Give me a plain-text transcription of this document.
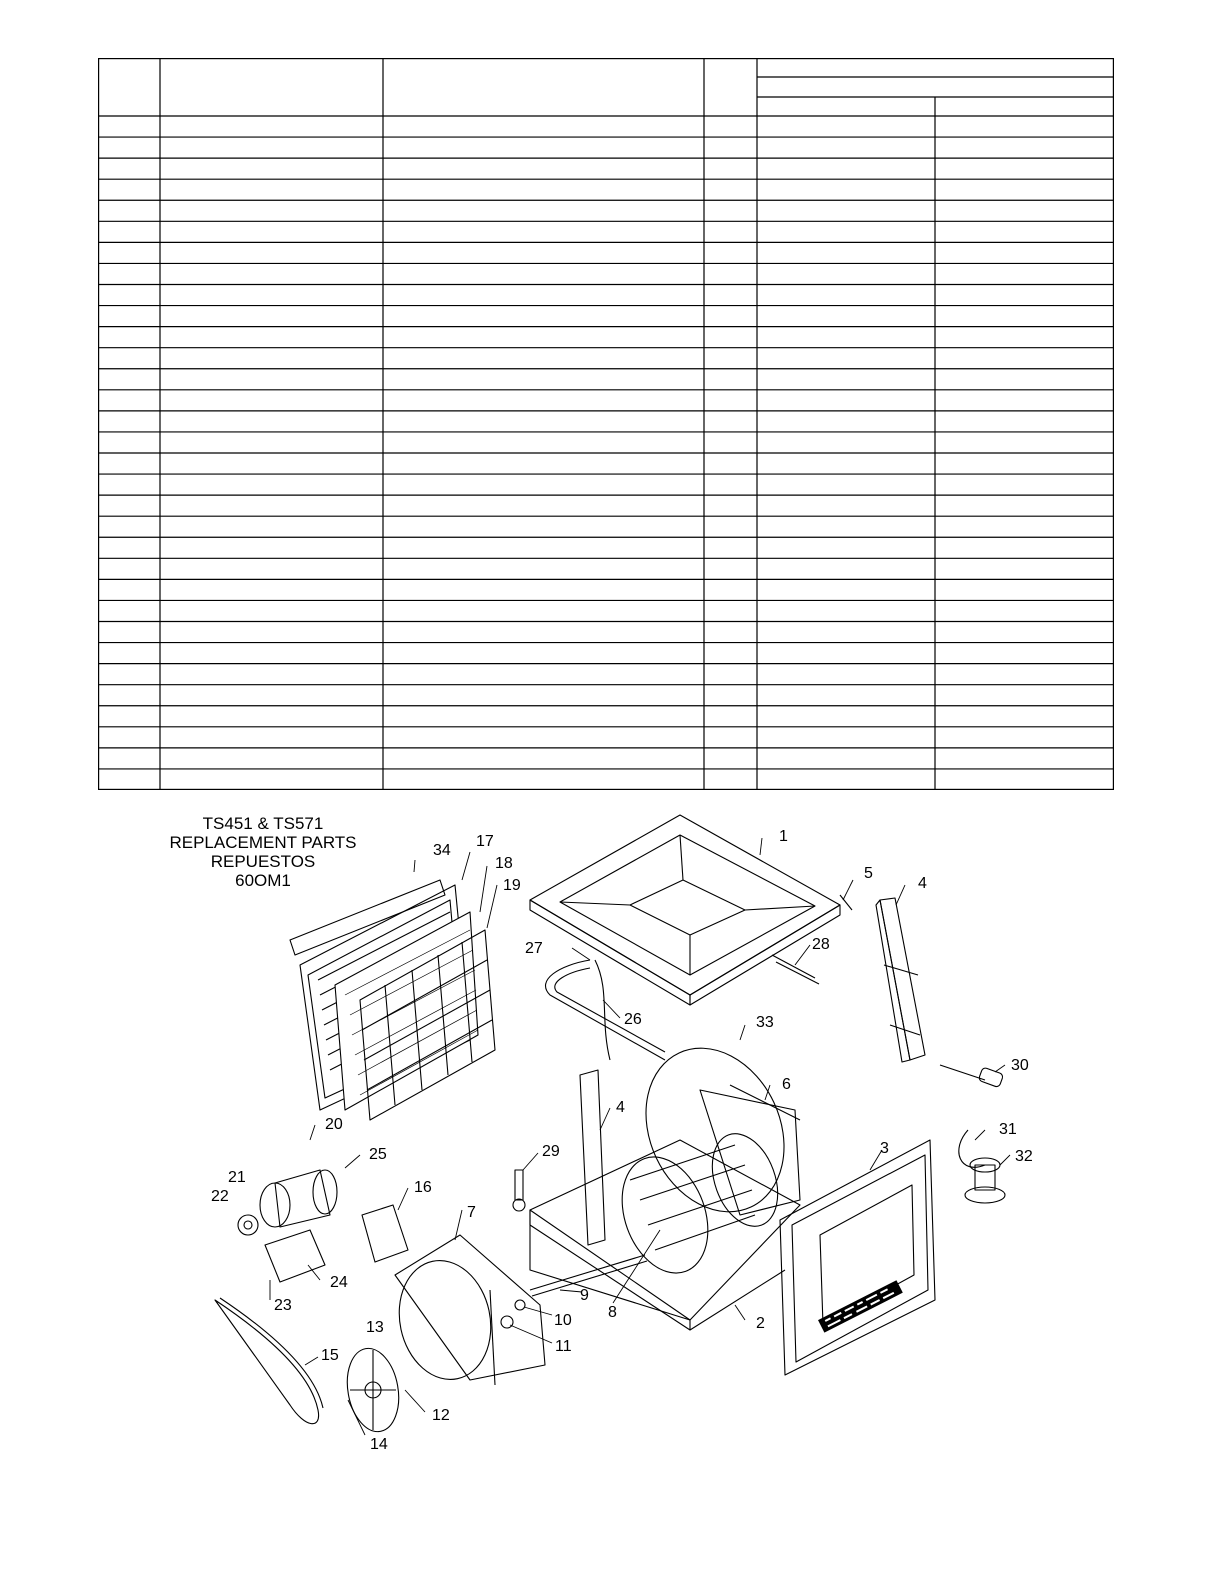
TS451 & TS571
REPLACEMENT PARTS
REPUESTOS
60OM1
1
2
3
4
4
5
6
7
8
9
10
11
12
13
14
15
16
17
18
19
20
21
22
23
24
25
26
27	28
29
30
31
32
33
34
